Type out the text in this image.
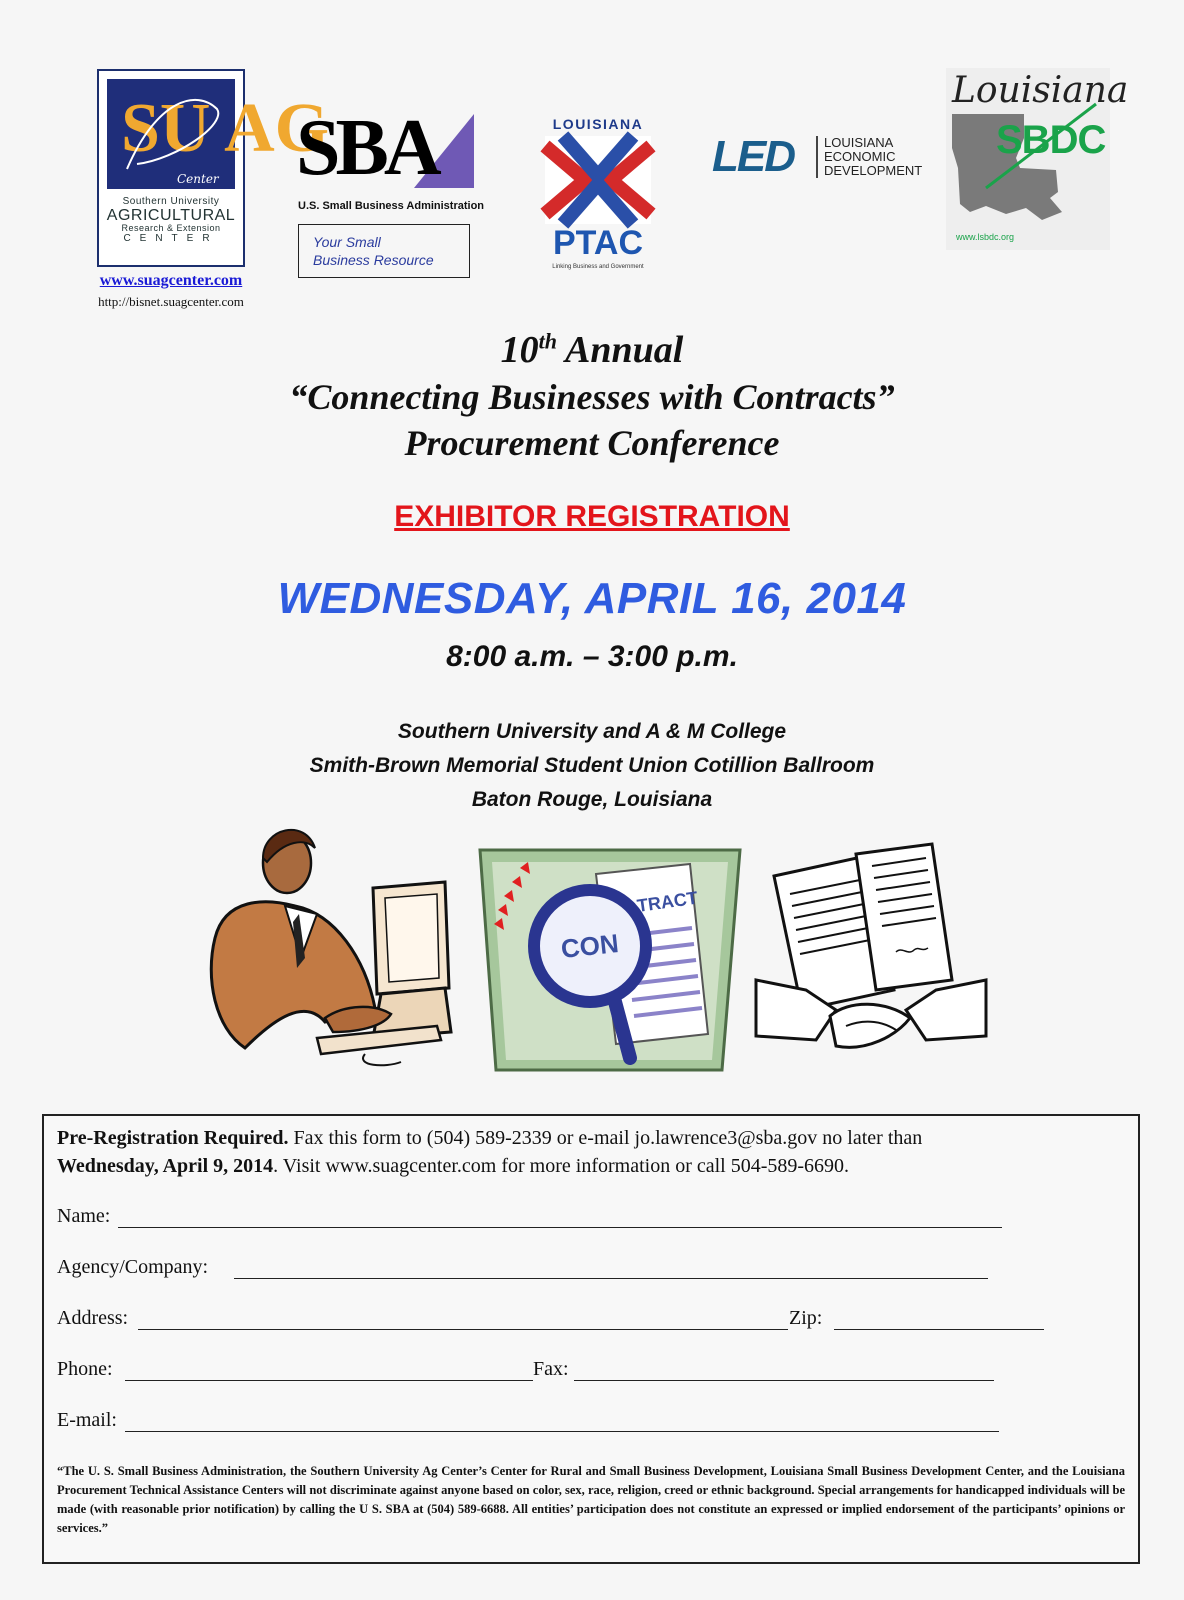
SU AG
Center
Southern University
AGRICULTURAL
Research & Extension
CENTER
www.suagcenter.com
http://bisnet.suagcenter.com
SBA
U.S. Small Business Administration
Your Small
Business Resource
LOUISIANA
PTAC
Linking Business and Government
LED LOUISIANA
ECONOMIC
DEVELOPMENT
Louisiana
SBDC
www.lsbdc.org
10th Annual
“Connecting Businesses with Contracts”
Procurement Conference
EXHIBITOR REGISTRATION
WEDNESDAY, APRIL 16, 2014
8:00 a.m. – 3:00 p.m.
Southern University and A & M College
Smith-Brown Memorial Student Union Cotillion Ballroom
Baton Rouge, Louisiana
TRACT
CON
Pre-Registration Required. Fax this form to (504) 589-2339 or e-mail jo.lawrence3@sba.gov no later than
Wednesday, April 9, 2014. Visit www.suagcenter.com for more information or call 504-589-6690.
Name:
Agency/Company:
Address:	Zip:
Phone:	Fax:
E-mail:
“The U. S. Small Business Administration, the Southern University Ag Center’s Center for Rural and Small Business Development, Louisiana Small Business Development Center, and the Louisiana Procurement Technical Assistance Centers will not discriminate against anyone based on color, sex, race, religion, creed or ethnic background. Special arrangements for handicapped individuals will be made (with reasonable prior notification) by calling the U S. SBA at (504) 589-6688. All entities’ participation does not constitute an expressed or implied endorsement of the participants’ opinions or services.”
